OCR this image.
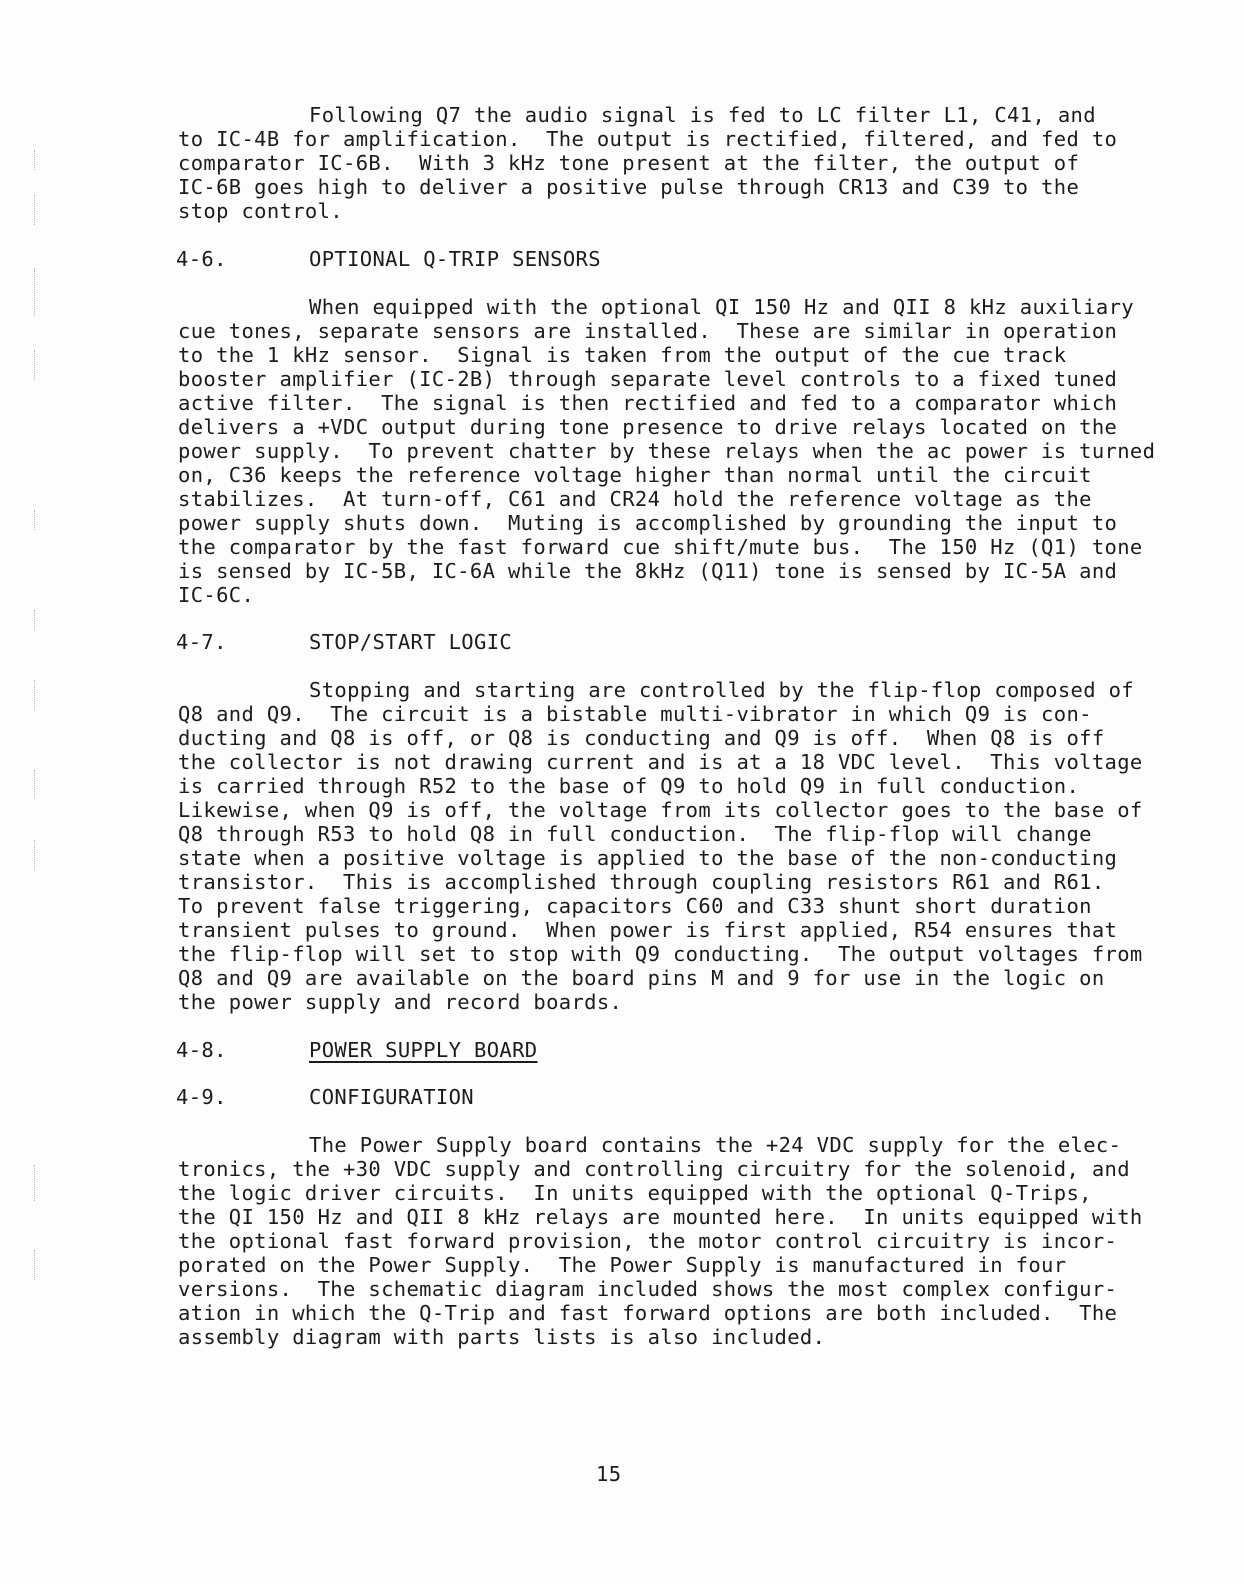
Following Q7 the audio signal is fed to LC filter L1, C41, and
to IC-4B for amplification.  The output is rectified, filtered, and fed to
comparator IC-6B.  With 3 kHz tone present at the filter, the output of
IC-6B goes high to deliver a positive pulse through CR13 and C39 to the
stop control.
4-6.	OPTIONAL Q-TRIP SENSORS
When equipped with the optional QI 150 Hz and QII 8 kHz auxiliary
cue tones, separate sensors are installed.  These are similar in operation
to the 1 kHz sensor.  Signal is taken from the output of the cue track
booster amplifier (IC-2B) through separate level controls to a fixed tuned
active filter.  The signal is then rectified and fed to a comparator which
delivers a +VDC output during tone presence to drive relays located on the
power supply.  To prevent chatter by these relays when the ac power is turned
on, C36 keeps the reference voltage higher than normal until the circuit
stabilizes.  At turn-off, C61 and CR24 hold the reference voltage as the
power supply shuts down.  Muting is accomplished by grounding the input to
the comparator by the fast forward cue shift/mute bus.  The 150 Hz (Q1) tone
is sensed by IC-5B, IC-6A while the 8kHz (Q11) tone is sensed by IC-5A and
IC-6C.
4-7.	STOP/START LOGIC
Stopping and starting are controlled by the flip-flop composed of
Q8 and Q9.  The circuit is a bistable multi-vibrator in which Q9 is con-
ducting and Q8 is off, or Q8 is conducting and Q9 is off.  When Q8 is off
the collector is not drawing current and is at a 18 VDC level.  This voltage
is carried through R52 to the base of Q9 to hold Q9 in full conduction.
Likewise, when Q9 is off, the voltage from its collector goes to the base of
Q8 through R53 to hold Q8 in full conduction.  The flip-flop will change
state when a positive voltage is applied to the base of the non-conducting
transistor.  This is accomplished through coupling resistors R61 and R61.
To prevent false triggering, capacitors C60 and C33 shunt short duration
transient pulses to ground.  When power is first applied, R54 ensures that
the flip-flop will set to stop with Q9 conducting.  The output voltages from
Q8 and Q9 are available on the board pins M and 9 for use in the logic on
the power supply and record boards.
4-8.	POWER SUPPLY BOARD
4-9.	CONFIGURATION
The Power Supply board contains the +24 VDC supply for the elec-
tronics, the +30 VDC supply and controlling circuitry for the solenoid, and
the logic driver circuits.  In units equipped with the optional Q-Trips,
the QI 150 Hz and QII 8 kHz relays are mounted here.  In units equipped with
the optional fast forward provision, the motor control circuitry is incor-
porated on the Power Supply.  The Power Supply is manufactured in four
versions.  The schematic diagram included shows the most complex configur-
ation in which the Q-Trip and fast forward options are both included.  The
assembly diagram with parts lists is also included.
15
